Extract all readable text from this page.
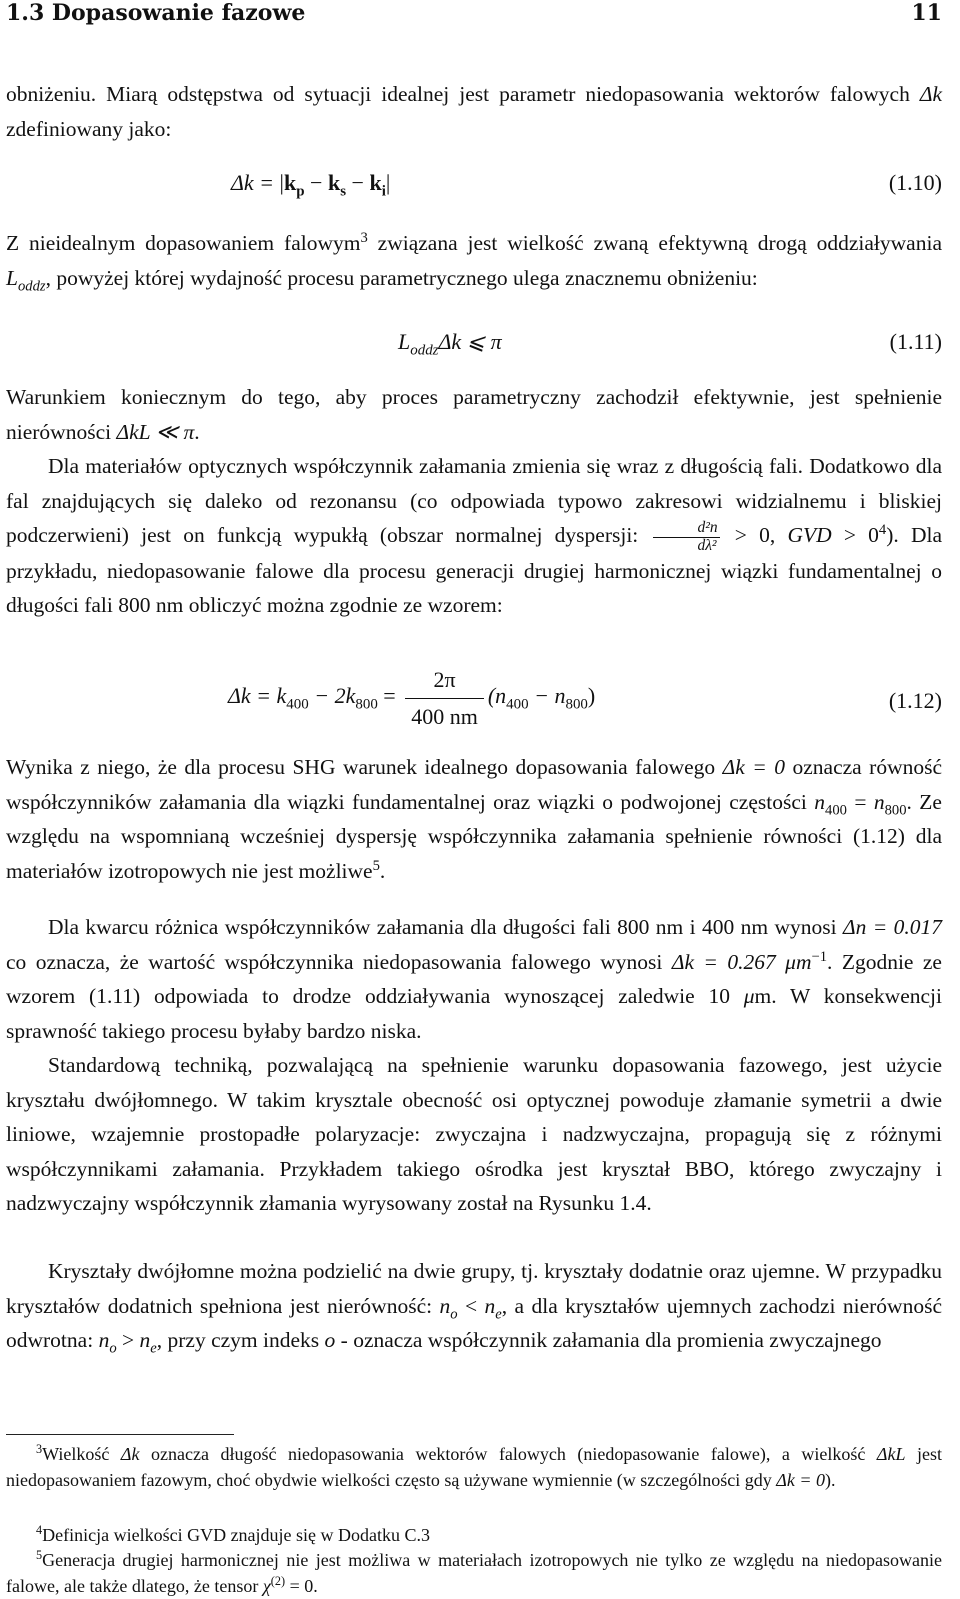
1.3 Dopasowanie fazowe	11
obniżeniu. Miarą odstępstwa od sytuacji idealnej jest parametr niedopasowania wektorów falowych Δk zdefiniowany jako:
$\Delta k = |k_p - k_s - k_i|$	(1.10)
Z nieidealnym dopasowaniem falowym$^3$ związana jest wielkość zwaną efektywną drogą oddziaływania $L_{oddz}$, powyżej której wydajność procesu parametrycznego ulega znacznemu obniżeniu:
$L_{oddz}\Delta k$ ⩽ π	(1.11)
Warunkiem koniecznym do tego, aby proces parametryczny zachodził efektywnie, jest spełnienie nierówności ΔkL ≪ π.
Dla materiałów optycznych współczynnik załamania zmienia się wraz z długością fali. Dodatkowo dla fal znajdujących się daleko od rezonansu (co odpowiada typowo zakresowi widzialnemu i bliskiej podczerwieni) jest on funkcją wypukłą (obszar normalnej dyspersji: $\frac{\text{d²n}}{\text{dλ²}} > 0$, GVD > $0^4$). Dla przykładu, niedopasowanie falowe dla procesu generacji drugiej harmonicznej wiązki fundamentalnej o długości fali 800 nm obliczyć można zgodnie ze wzorem:
$\Delta k = k_{400} - 2k_{800} = \frac{2\pi}{400 nm} (n_{400} - n_{800})$	(1.12)
Wynika z niego, że dla procesu SHG warunek idealnego dopasowania falowego Δk = 0 oznacza równość współczynników załamania dla wiązki fundamentalnej oraz wiązki o podwojonej częstości $n_{400} = n_{800}$. Ze względu na wspomnianą wcześniej dyspersję współczynnika załamania spełnienie równości (1.12) dla materiałów izotropowych nie jest możliwe$^5$.
Dla kwarcu różnica współczynników załamania dla długości fali 800 nm i 400 nm wynosi Δn = 0.017 co oznacza, że wartość współczynnika niedopasowania falowego wynosi Δk = 0.267 $\mu m^{-1}$. Zgodnie ze wzorem (1.11) odpowiada to drodze oddziaływania wynoszącej zaledwie 10 μm. W konsekwencji sprawność takiego procesu byłaby bardzo niska.
Standardową techniką, pozwalającą na spełnienie warunku dopasowania fazowego, jest użycie kryształu dwójłomnego. W takim krysztale obecność osi optycznej powoduje złamanie symetrii a dwie liniowe, wzajemnie prostopadłe polaryzacje: zwyczajna i nadzwyczajna, propagują się z różnymi współczynnikami załamania. Przykładem takiego ośrodka jest kryształ BBO, którego zwyczajny i nadzwyczajny współczynnik złamania wyrysowany został na Rysunku 1.4.
Kryształy dwójłomne można podzielić na dwie grupy, tj. kryształy dodatnie oraz ujemne. W przypadku kryształów dodatnich spełniona jest nierówność: $n_o < n_e$, a dla kryształów ujemnych zachodzi nierówność odwrotna: $n_o > n_e$, przy czym indeks o - oznacza współczynnik załamania dla promienia zwyczajnego
$^3$Wielkość Δk oznacza długość niedopasowania wektorów falowych (niedopasowanie falowe), a wielkość ΔkL jest niedopasowaniem fazowym, choć obydwie wielkości często są używane wymiennie (w szczególności gdy Δk = 0).
$^4$Definicja wielkości GVD znajduje się w Dodatku C.3
$^5$Generacja drugiej harmonicznej nie jest możliwa w materiałach izotropowych nie tylko ze względu na niedopasowanie falowe, ale także dlatego, że tensor $\chi^{(2)} = 0$.
